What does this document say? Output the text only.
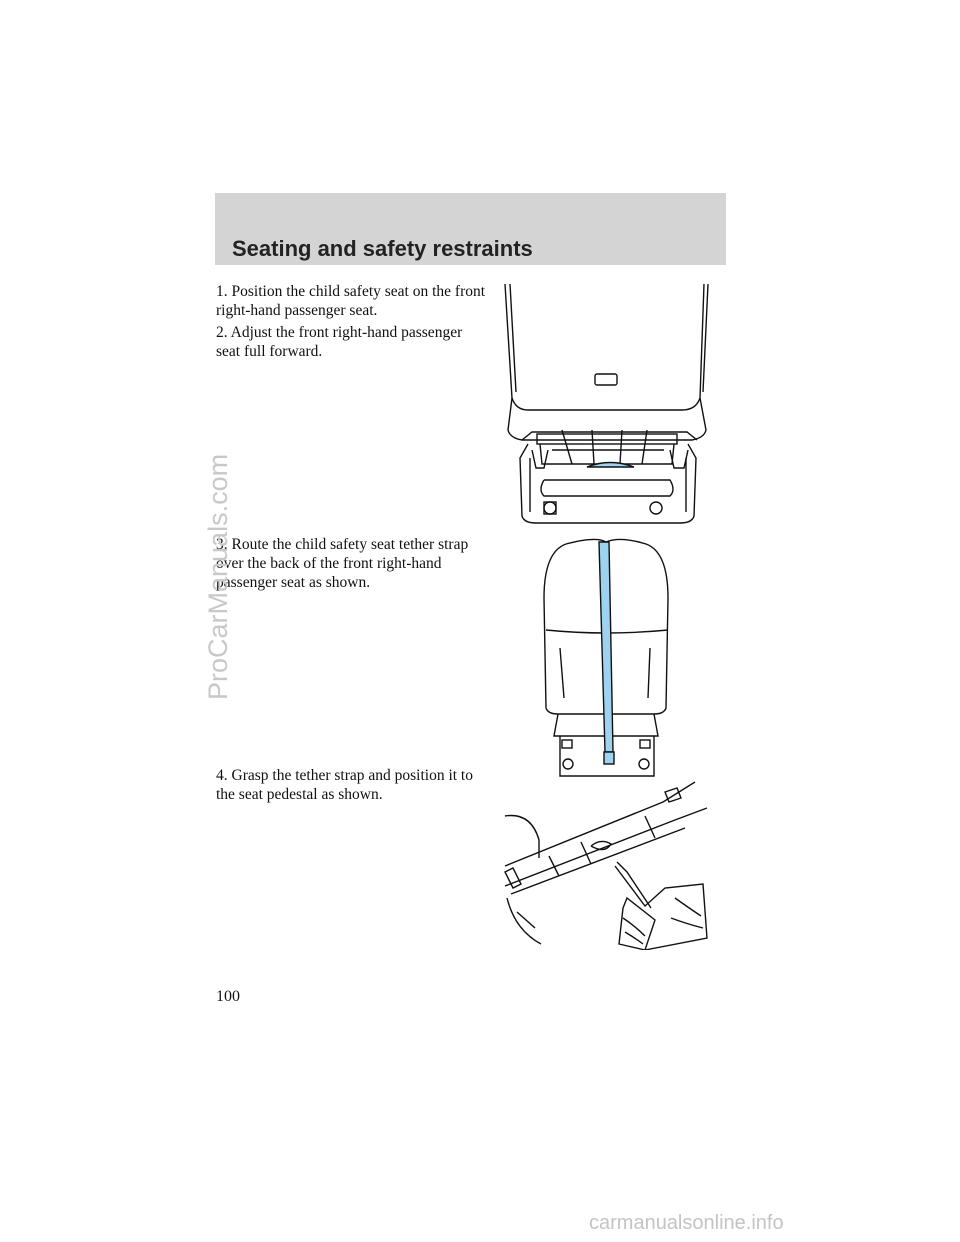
Seating and safety restraints

1. Position the child safety seat on the front right-hand passenger seat.

2. Adjust the front right-hand passenger seat full forward.

3. Route the child safety seat tether strap over the back of the front right-hand passenger seat as shown.

4. Grasp the tether strap and position it to the seat pedestal as shown.

100
ProCarManuals.com
carmanualsonline.info
